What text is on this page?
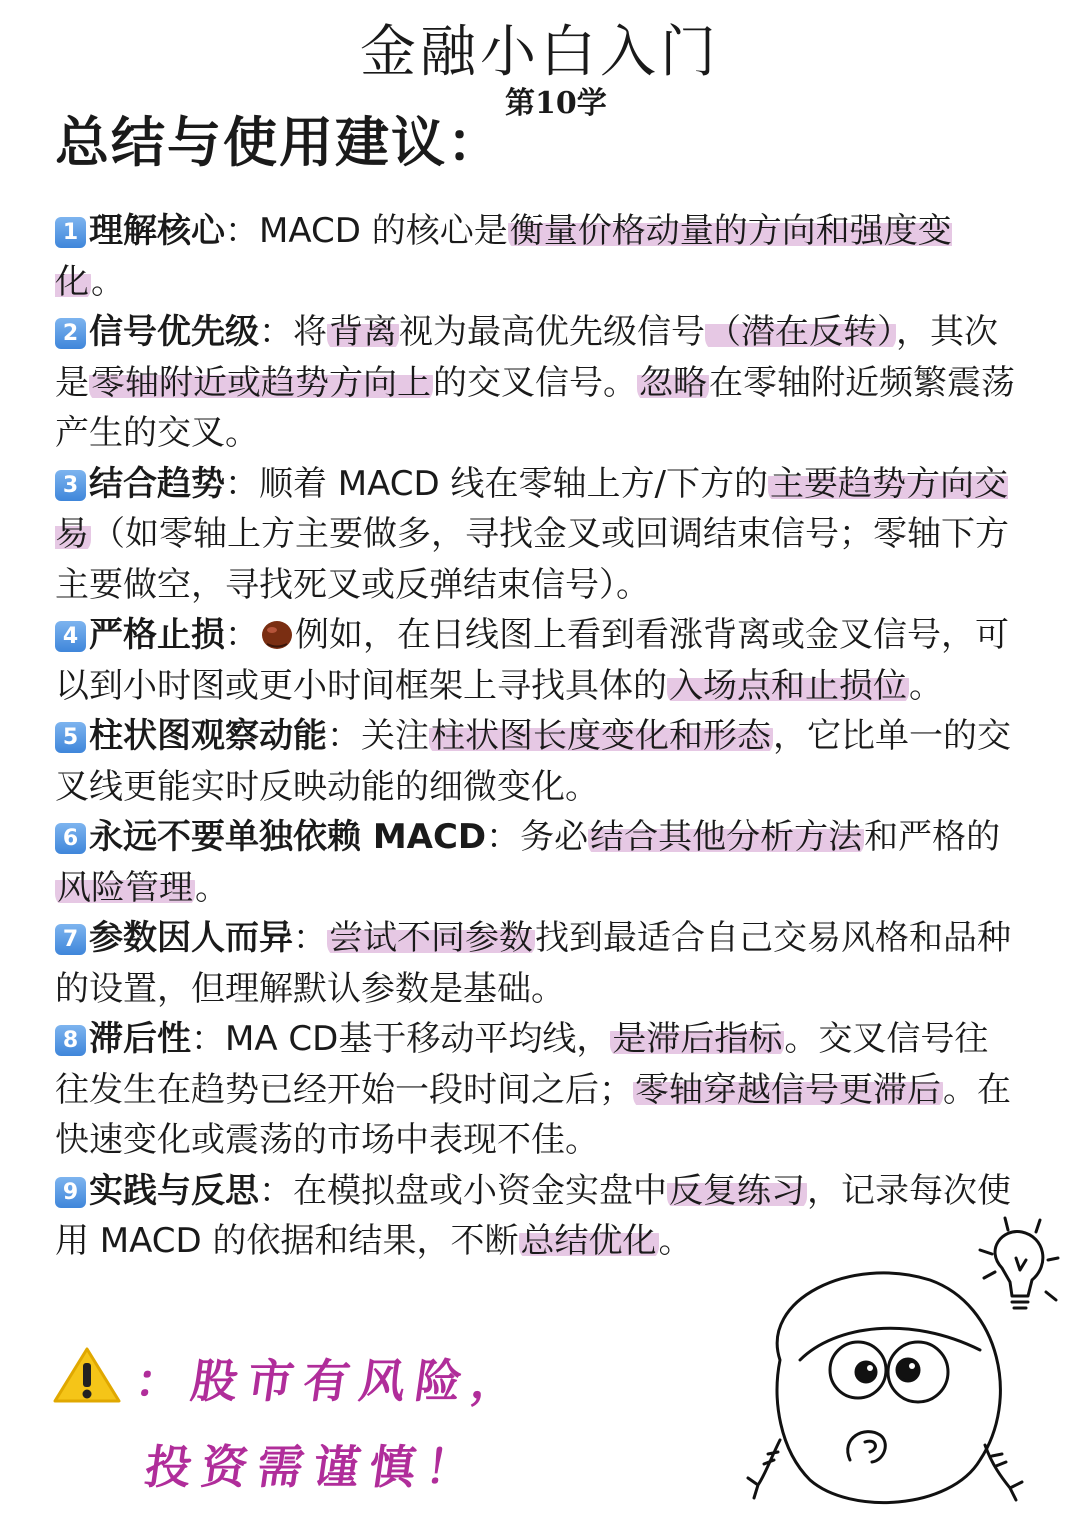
金融小白入门
第10学
总结与使用建议：

1 理解核心：MACD 的核心是衡量价格动量的方向和强度变化。

2 信号优先级：将背离视为最高优先级信号（潜在反转），其次是零轴附近或趋势方向上的交叉信号。忽略在零轴附近频繁震荡产生的交叉。

3 结合趋势：顺着 MACD 线在零轴上方/下方的主要趋势方向交易（如零轴上方主要做多，寻找金叉或回调结束信号；零轴下方主要做空，寻找死叉或反弹结束信号）。

4 严格止损： 例如，在日线图上看到看涨背离或金叉信号，可以到小时图或更小时间框架上寻找具体的入场点和止损位。

5 柱状图观察动能：关注柱状图长度变化和形态，它比单一的交叉线更能实时反映动能的细微变化。

6 永远不要单独依赖 MACD：务必结合其他分析方法和严格的风险管理。

7 参数因人而异：尝试不同参数找到最适合自己交易风格和品种的设置，但理解默认参数是基础。

8 滞后性：MA CD基于移动平均线，是滞后指标。交叉信号往往发生在趋势已经开始一段时间之后；零轴穿越信号更滞后。在快速变化或震荡的市场中表现不佳。

9 实践与反思：在模拟盘或小资金实盘中反复练习，记录每次使用 MACD 的依据和结果，不断总结优化。

：股市有风险，
投资需谨慎！
